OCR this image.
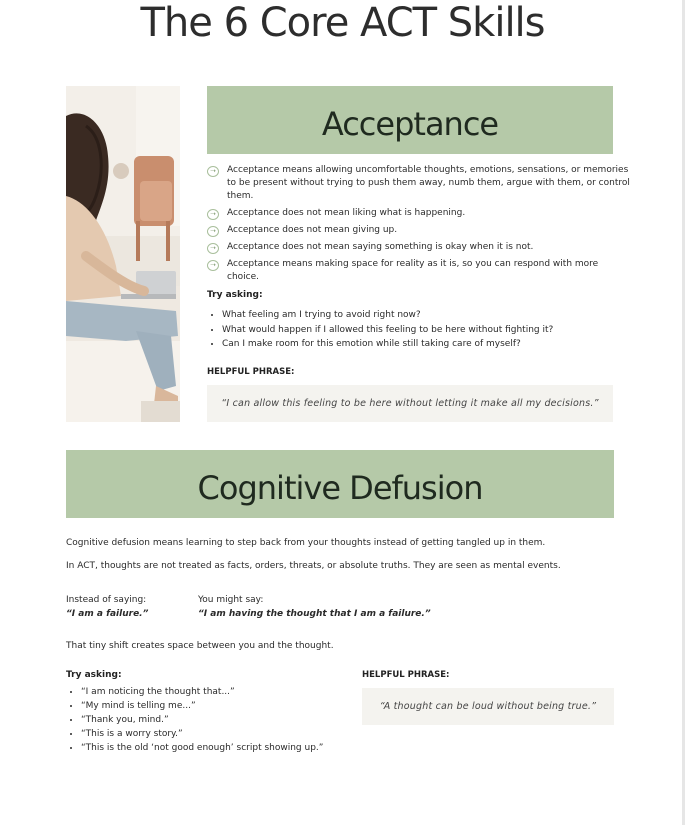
The 6 Core ACT Skills
Acceptance
➝	Acceptance means allowing uncomfortable thoughts, emotions, sensations, or memories to be present without trying to push them away, numb them, argue with them, or control them.
➝	Acceptance does not mean liking what is happening.
➝	Acceptance does not mean giving up.
➝	Acceptance does not mean saying something is okay when it is not.
➝	Acceptance means making space for reality as it is, so you can respond with more choice.
Try asking:
• What feeling am I trying to avoid right now?
• What would happen if I allowed this feeling to be here without fighting it?
• Can I make room for this emotion while still taking care of myself?
HELPFUL PHRASE:
“I can allow this feeling to be here without letting it make all my decisions.”
Cognitive Defusion
Cognitive defusion means learning to step back from your thoughts instead of getting tangled up in them.
In ACT, thoughts are not treated as facts, orders, threats, or absolute truths. They are seen as mental events.
Instead of saying:
“I am a failure.”
You might say:
“I am having the thought that I am a failure.”
That tiny shift creates space between you and the thought.
Try asking:
• “I am noticing the thought that...”
• “My mind is telling me...”
• “Thank you, mind.”
• “This is a worry story.”
• “This is the old ‘not good enough’ script showing up.”
HELPFUL PHRASE:
“A thought can be loud without being true.”
